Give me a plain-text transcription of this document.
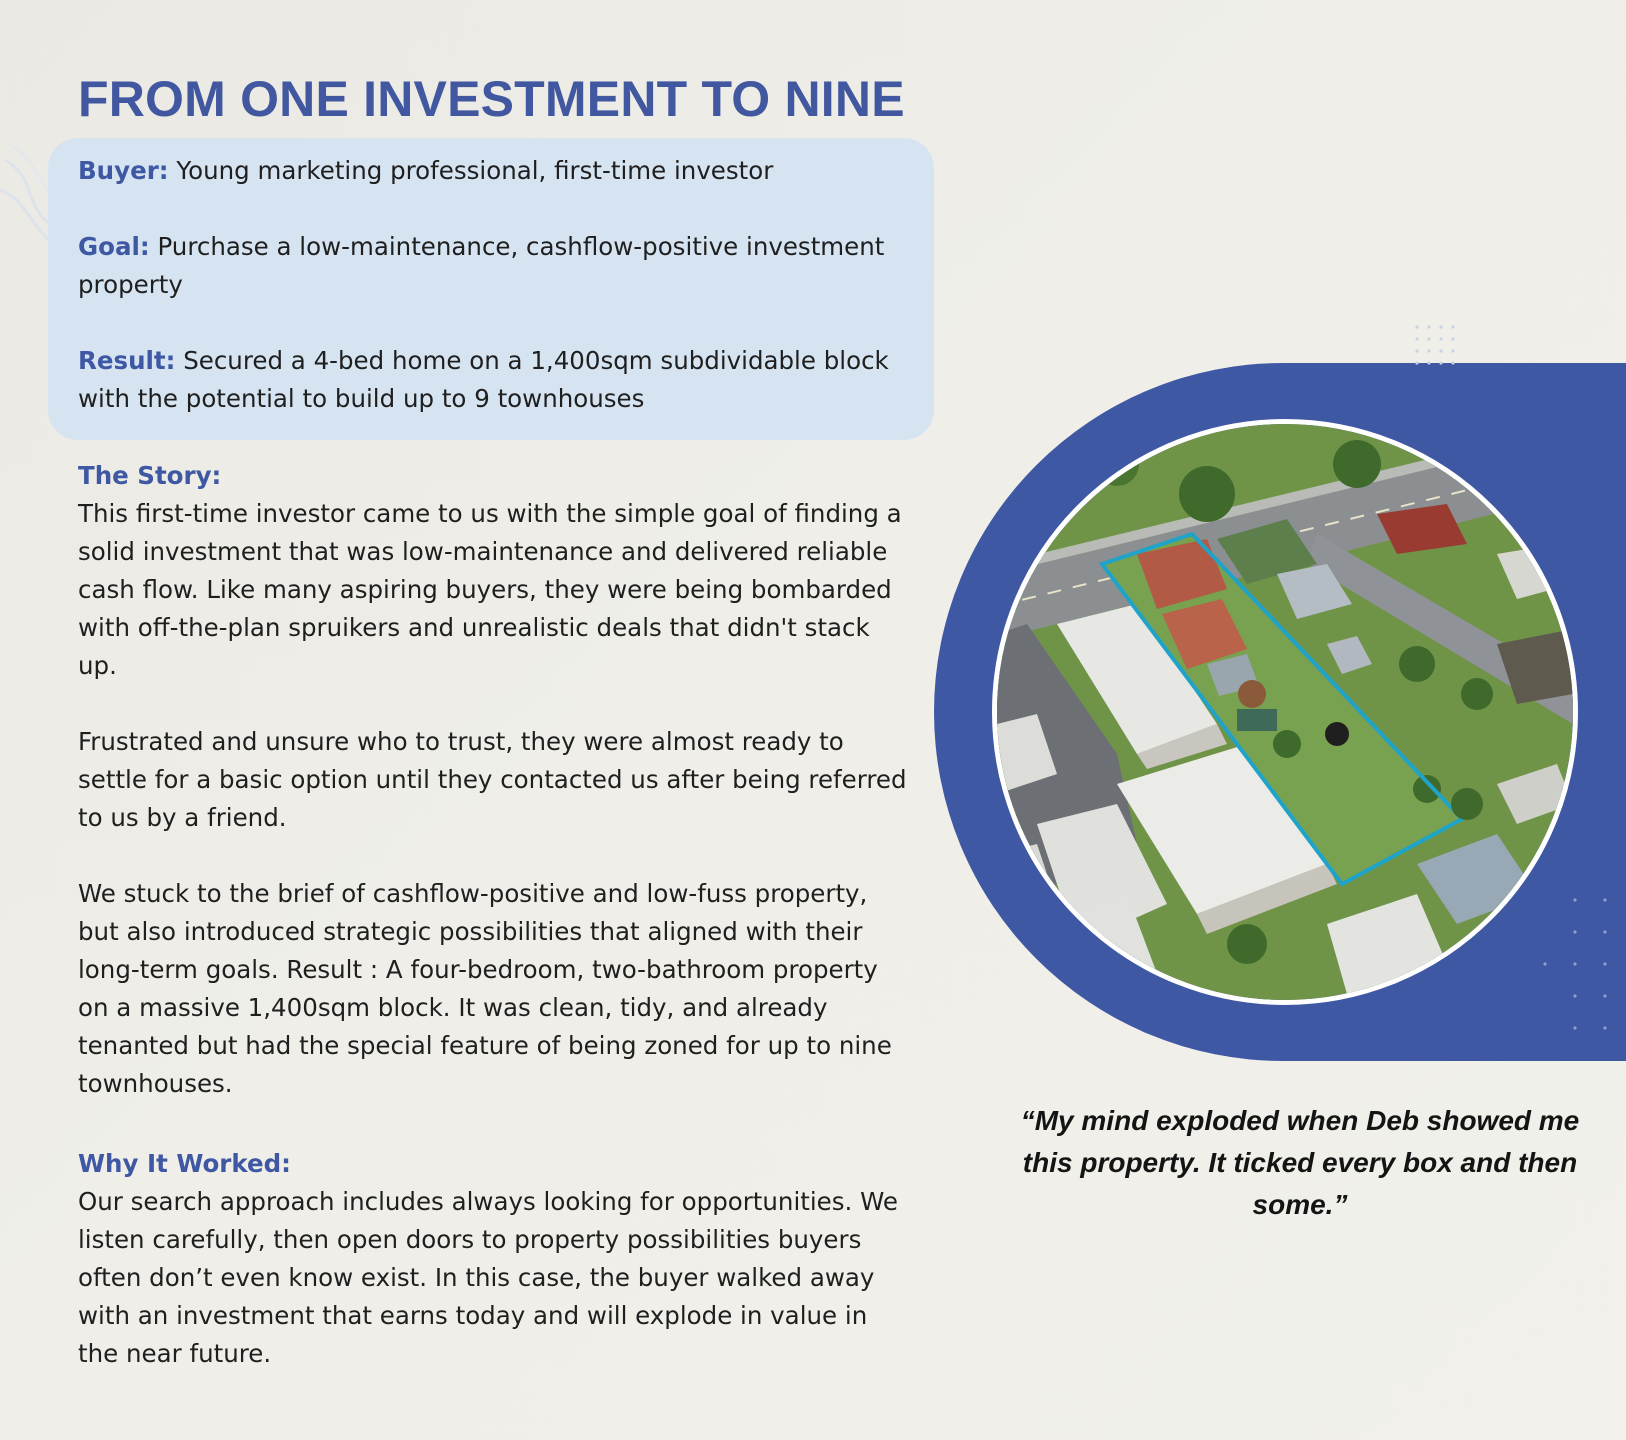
FROM ONE INVESTMENT TO NINE

Buyer: Young marketing professional, first-time investor

Goal: Purchase a low-maintenance, cashflow-positive investment property

Result: Secured a 4-bed home on a 1,400sqm subdividable block with the potential to build up to 9 townhouses

The Story:

This first-time investor came to us with the simple goal of finding a solid investment that was low-maintenance and delivered reliable cash flow. Like many aspiring buyers, they were being bombarded with off-the-plan spruikers and unrealistic deals that didn't stack up.

Frustrated and unsure who to trust, they were almost ready to settle for a basic option until they contacted us after being referred to us by a friend.

We stuck to the brief of cashflow-positive and low-fuss property, but also introduced strategic possibilities that aligned with their long-term goals. Result : A four-bedroom, two-bathroom property on a massive 1,400sqm block. It was clean, tidy, and already tenanted but had the special feature of being zoned for up to nine townhouses.

Why It Worked:

Our search approach includes always looking for opportunities. We listen carefully, then open doors to property possibilities buyers often don’t even know exist. In this case, the buyer walked away with an investment that earns today and will explode in value in the near future.

“My mind exploded when Deb showed me this property. It ticked every box and then some.”
